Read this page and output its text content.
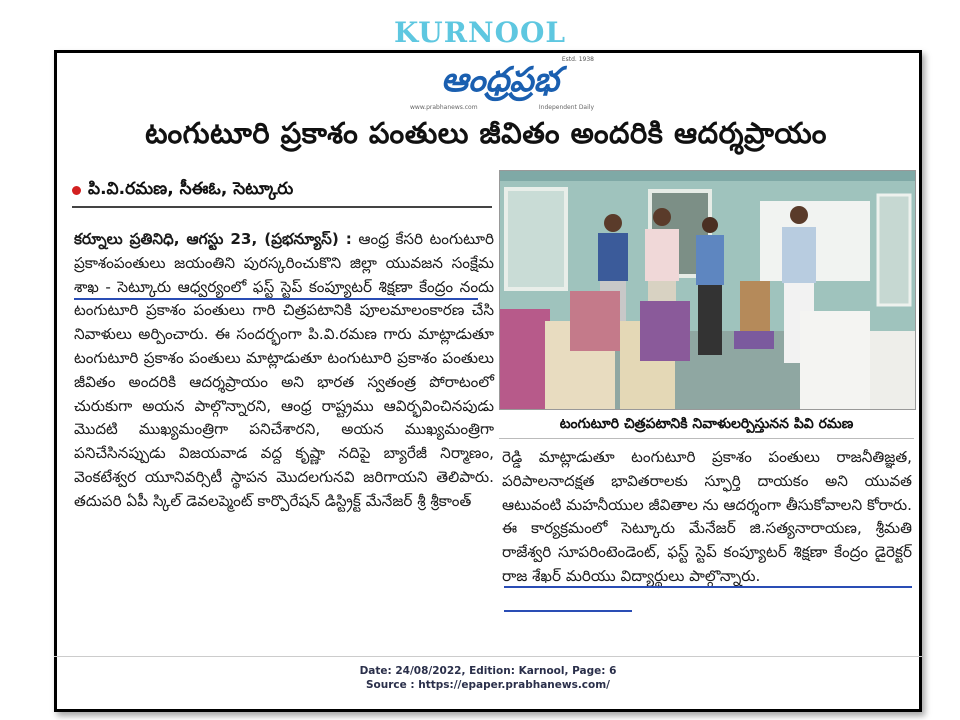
KURNOOL
ఆంధ్రప్రభ
Estd. 1938
www.prabhanews.com	Independent Daily
టంగుటూరి ప్రకాశం పంతులు జీవితం అందరికి ఆదర్శప్రాయం
పి.వి.రమణ, సీఈఓ, సెట్కూరు
కర్నూలు ప్రతినిధి, ఆగస్టు 23, (ప్రభన్యూస్) : ఆంధ్ర కేసరి టంగుటూరి ప్రకాశంపంతులు జయంతిని పురస్కరించుకొని జిల్లా యువజన సంక్షేమ శాఖ - సెట్కూరు ఆధ్వర్యంలో ఫస్ట్ స్టెప్ కంప్యూటర్ శిక్షణా కేంద్రం నందు టంగుటూరి ప్రకాశం పంతులు గారి చిత్రపటానికి పూలమాలంకారణ చేసి నివాళులు అర్పించారు. ఈ సందర్భంగా పి.వి.రమణ గారు మాట్లాడుతూ టంగుటూరి ప్రకాశం పంతులు మాట్లాడుతూ టంగుటూరి ప్రకాశం పంతులు జీవితం అందరికి ఆదర్శప్రాయం అని భారత స్వతంత్ర పోరాటంలో చురుకుగా అయన పాల్గొన్నారని, ఆంధ్ర రాష్ట్రము ఆవిర్భవించినపుడు మొదటి ముఖ్యమంత్రిగా పనిచేశారని, అయన ముఖ్యమంత్రిగా పనిచేసినప్పుడు విజయవాడ వద్ద కృష్ణా నదిపై బ్యారేజీ నిర్మాణం, వెంకటేశ్వర యూనివర్సిటీ స్థాపన మొదలగునవి జరిగాయని తెలిపారు. తదుపరి ఏపీ స్కిల్ డెవలప్మెంట్ కార్పొరేషన్ డిస్ట్రిక్ట్ మేనేజర్ శ్రీ శ్రీకాంత్
టంగుటూరి చిత్రపటానికి నివాళులర్పిస్తునన పివి రమణ
రెడ్డి మాట్లాడుతూ టంగుటూరి ప్రకాశం పంతులు రాజనీతిజ్ఞత, పరిపాలనాదక్షత భావితరాలకు స్ఫూర్తి దాయకం అని యువత ఆటువంటి మహనీయుల జీవితాల ను ఆదర్శంగా తీసుకోవాలని కోరారు. ఈ కార్యక్రమంలో సెట్కూరు మేనేజర్ జి.సత్యనారాయణ, శ్రీమతి రాజేశ్వరి సూపరింటెండెంట్, ఫస్ట్ స్టెప్ కంప్యూటర్ శిక్షణా కేంద్రం డైరెక్టర్ రాజ శేఖర్ మరియు విద్యార్థులు పాల్గొన్నారు.
Date: 24/08/2022, Edition: Karnool, Page: 6
Source : https://epaper.prabhanews.com/
